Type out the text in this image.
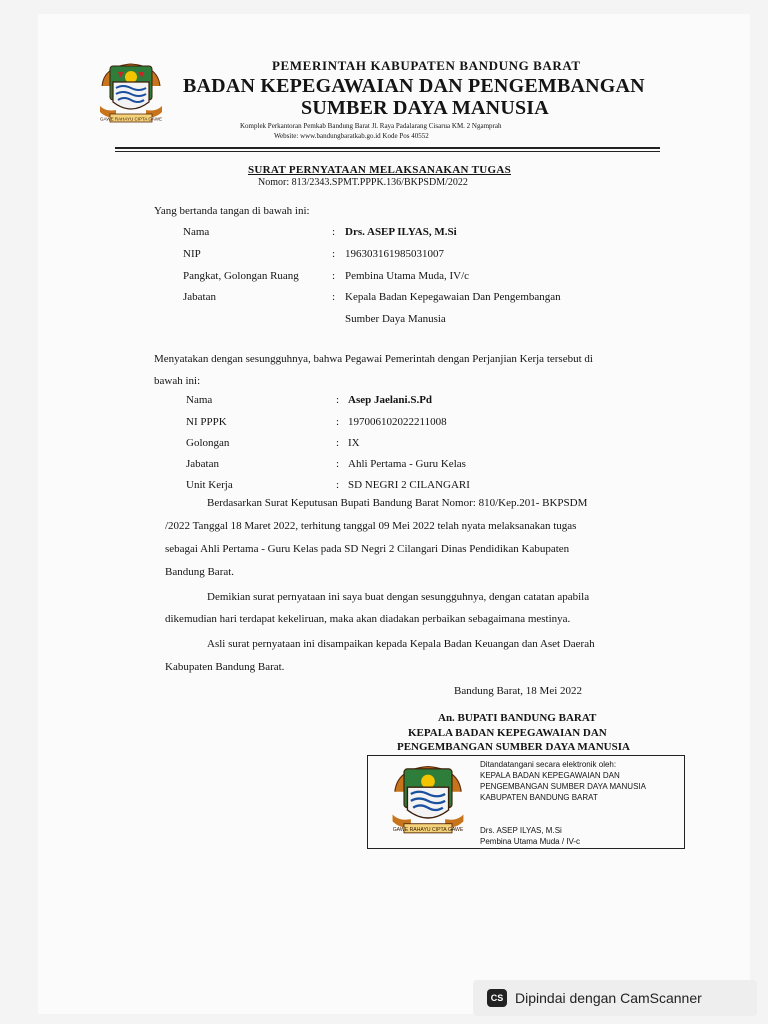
GAWE RAHAYU CIPTA GAWE
PEMERINTAH KABUPATEN BANDUNG BARAT
BADAN KEPEGAWAIAN DAN PENGEMBANGAN
SUMBER DAYA MANUSIA
Komplek Perkantoran Pemkab Bandung Barat Jl. Raya Padalarang Cisarua KM. 2 Ngamprah
Website: www.bandungbaratkab.go.id Kode Pos 40552
SURAT PERNYATAAN MELAKSANAKAN TUGAS
Nomor: 813/2343.SPMT.PPPK.136/BKPSDM/2022
Yang bertanda tangan di bawah ini:
Nama	: Drs. ASEP ILYAS, M.Si
NIP	: 196303161985031007
Pangkat, Golongan Ruang	: Pembina Utama Muda, IV/c
Jabatan	: Kepala Badan Kepegawaian Dan Pengembangan
Sumber Daya Manusia
Menyatakan dengan sesungguhnya, bahwa Pegawai Pemerintah dengan Perjanjian Kerja tersebut di
bawah ini:
Nama	: Asep Jaelani.S.Pd
NI PPPK	: 197006102022211008
Golongan	: IX
Jabatan	: Ahli Pertama - Guru Kelas
Unit Kerja	: SD NEGRI 2 CILANGARI
Berdasarkan Surat Keputusan Bupati Bandung Barat Nomor: 810/Kep.201- BKPSDM
/2022 Tanggal 18 Maret 2022, terhitung tanggal 09 Mei 2022 telah nyata melaksanakan tugas
sebagai Ahli Pertama - Guru Kelas pada SD Negri 2 Cilangari Dinas Pendidikan Kabupaten
Bandung Barat.
Demikian surat pernyataan ini saya buat dengan sesungguhnya, dengan catatan apabila
dikemudian hari terdapat kekeliruan, maka akan diadakan perbaikan sebagaimana mestinya.
Asli surat pernyataan ini disampaikan kepada Kepala Badan Keuangan dan Aset Daerah
Kabupaten Bandung Barat.
Bandung Barat, 18 Mei 2022
An. BUPATI BANDUNG BARAT
KEPALA BADAN KEPEGAWAIAN DAN
PENGEMBANGAN SUMBER DAYA MANUSIA
GAWE RAHAYU CIPTA GAWE
Ditandatangani secara elektronik oleh:
KEPALA BADAN KEPEGAWAIAN DAN
PENGEMBANGAN SUMBER DAYA MANUSIA
KABUPATEN BANDUNG BARAT
Drs. ASEP ILYAS, M.Si
Pembina Utama Muda / IV-c
CS Dipindai dengan CamScanner
